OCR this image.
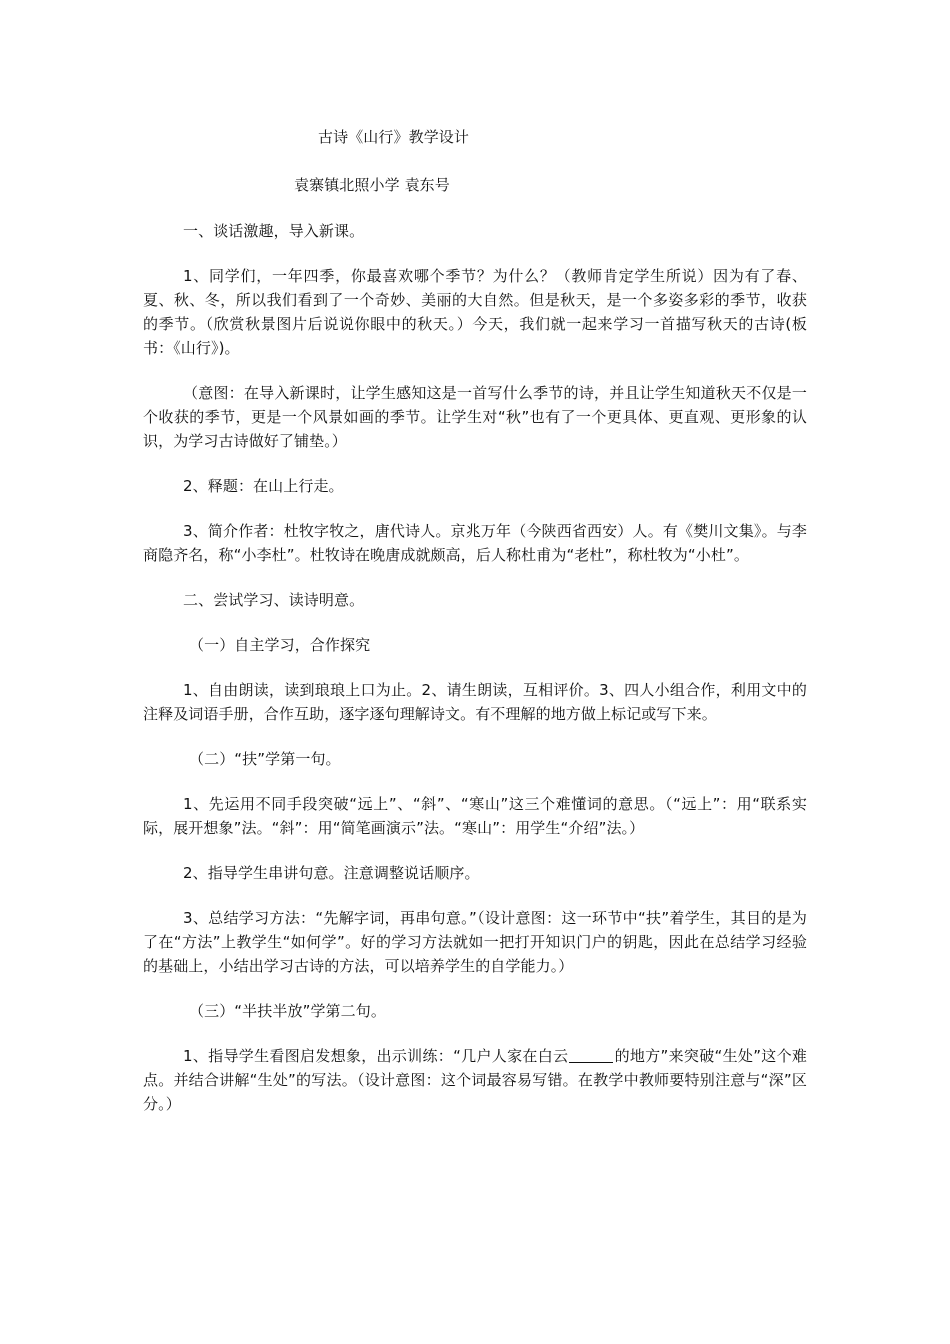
古诗《山行》教学设计
袁寨镇北照小学 袁东号

一、谈话激趣，导入新课。

1、同学们，一年四季，你最喜欢哪个季节？为什么？（教师肯定学生所说）因为有了春、夏、秋、冬，所以我们看到了一个奇妙、美丽的大自然。但是秋天，是一个多姿多彩的季节，收获的季节。（欣赏秋景图片后说说你眼中的秋天。）今天，我们就一起来学习一首描写秋天的古诗(板书：《山行》)。

（意图：在导入新课时，让学生感知这是一首写什么季节的诗，并且让学生知道秋天不仅是一个收获的季节，更是一个风景如画的季节。让学生对“秋”也有了一个更具体、更直观、更形象的认识，为学习古诗做好了铺垫。）

2、释题：在山上行走。

3、简介作者：杜牧字牧之，唐代诗人。京兆万年（今陕西省西安）人。有《樊川文集》。与李商隐齐名，称“小李杜”。杜牧诗在晚唐成就颇高，后人称杜甫为“老杜”，称杜牧为“小杜”。

二、尝试学习、读诗明意。

（一）自主学习，合作探究

1、自由朗读，读到琅琅上口为止。2、请生朗读，互相评价。3、四人小组合作，利用文中的注释及词语手册，合作互助，逐字逐句理解诗文。有不理解的地方做上标记或写下来。

（二）“扶”学第一句。

1、先运用不同手段突破“远上”、“斜”、“寒山”这三个难懂词的意思。（“远上”：用“联系实际，展开想象”法。“斜”：用“简笔画演示”法。“寒山”：用学生“介绍”法。）

2、指导学生串讲句意。注意调整说话顺序。

3、总结学习方法：“先解字词，再串句意。”（设计意图：这一环节中“扶”着学生，其目的是为了在“方法”上教学生“如何学”。好的学习方法就如一把打开知识门户的钥匙，因此在总结学习经验的基础上，小结出学习古诗的方法，可以培养学生的自学能力。）

（三）“半扶半放”学第二句。

1、指导学生看图启发想象，出示训练：“几户人家在白云	的地方”来突破“生处”这个难点。并结合讲解“生处”的写法。（设计意图：这个词最容易写错。在教学中教师要特别注意与“深”区分。）
